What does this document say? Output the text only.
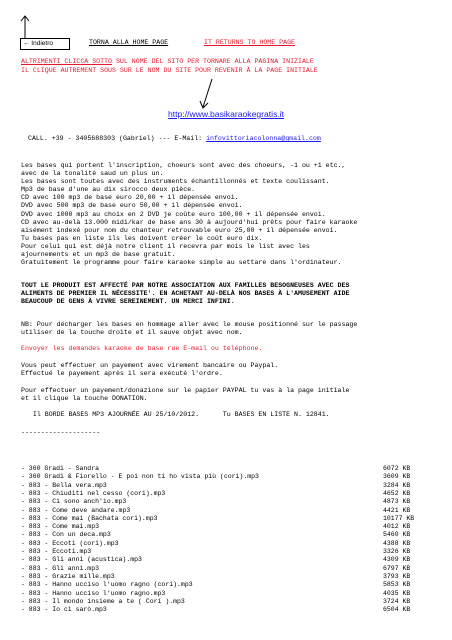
← Indietro	TORNA ALLA HOME PAGE	IT RETURNS TO HOME PAGE
ALTRIMENTI CLICCA SOTTO SUL NOME DEL SITO PER TORNARE ALLA PAGINA INIZIALE
IL CLIQUE AUTREMENT SOUS SUR LE NOM DU SITE POUR REVENIR À LA PAGE INITIALE
http://www.basikaraokegratis.it
CALL. +39 - 3405688303 (Gabriel) --- E-Mail: infovittoriacolonna@gmail.com
Les bases qui portent l'inscription, choeurs sont avec des choeurs, -1 ou +1 etc.,
avec de la tonalité saud un plus un.
Les bases sont toutes avec des instruments échantillonnés et texte coulissant.
Mp3 de base d'une au dix sirocco deux pièce.
CD avec 100 mp3 de base euro 20,00 + il dépensée envoi.
DVD avec 500 mp3 de base euro 50,00 + il dépensée envoi.
DVD avec 1000 mp3 au choix en 2 DVD je coûte euro 100,00 + il dépensée envoi.
CD avec au-delà 13.000 midi/kar de base ans 30 à aujourd'hui prêts pour faire karaoke
aisément indexé pour nom du chanteur retrouvable euro 25,00 + il dépensée envoi.
Tu bases pas en liste ils les doivent créer le coût euro dix.
Pour celui qui est déjà notre client il recevra par mois le list avec les
ajournements et un mp3 de base gratuit.
Gratuitement le programme pour faire karaoke simple au settare dans l'ordinateur.
TOUT LE PRODUIT EST AFFECTÉ PAR NOTRE ASSOCIATION AUX FAMILLES BESOGNEUSES AVEC DES
ALIMENTS DE PREMIER IL NÉCESSITE'. EN ACHETANT AU-DELÀ NOS BASES À L'AMUSEMENT AIDE
BEAUCOUP DE GENS À VIVRE SEREINEMENT. UN MERCI INFINI.
NB: Pour décharger les bases en hommage aller avec le mouse positionné sur le passage
utiliser de la touche droite et il sauve objet avec nom.
Envoyer les demandes karaoke de base rue E-mail ou téléphone.
Vous peut effectuer un payement avec virement bancaire ou Paypal.
Effectué le payement après il sera exécuté l'ordre.
Pour effectuer un payement/donazione sur le papier PAYPAL tu vas à la page initiale
et il clique la touche DONATION.
Il BORDE BASES MP3 AJOURNÉE AU 25/10/2012.      Tu BASES EN LISTE N. 12841.
--------------------
- 360 Gradi - Sandra	6072 KB
- 360 Gradi & Fiorello - E poi non ti ho vista più (cori).mp3	3609 KB
- 883 - Bella vera.mp3	3284 KB
- 883 - Chiuditi nel cesso (cori).mp3	4652 KB
- 883 - Ci sono anch'io.mp3	4873 KB
- 883 - Come deve andare.mp3	4421 KB
- 883 - Come mai (Bachata cori).mp3	10177 KB
- 883 - Come mai.mp3	4012 KB
- 883 - Con un deca.mp3	5460 KB
- 883 - Eccoti (cori).mp3	4388 KB
- 883 - Eccoti.mp3	3326 KB
- 883 - Gli anni (acustica).mp3	4309 KB
- 883 - Gli anni.mp3	6797 KB
- 883 - Grazie mille.mp3	3793 KB
- 883 - Hanno ucciso l'uomo ragno (cori).mp3	5853 KB
- 883 - Hanno ucciso l'uomo ragno.mp3	4035 KB
- 883 - Il mondo insieme a te ( Cori ).mp3	3724 KB
- 883 - Io ci sarò.mp3	6504 KB
